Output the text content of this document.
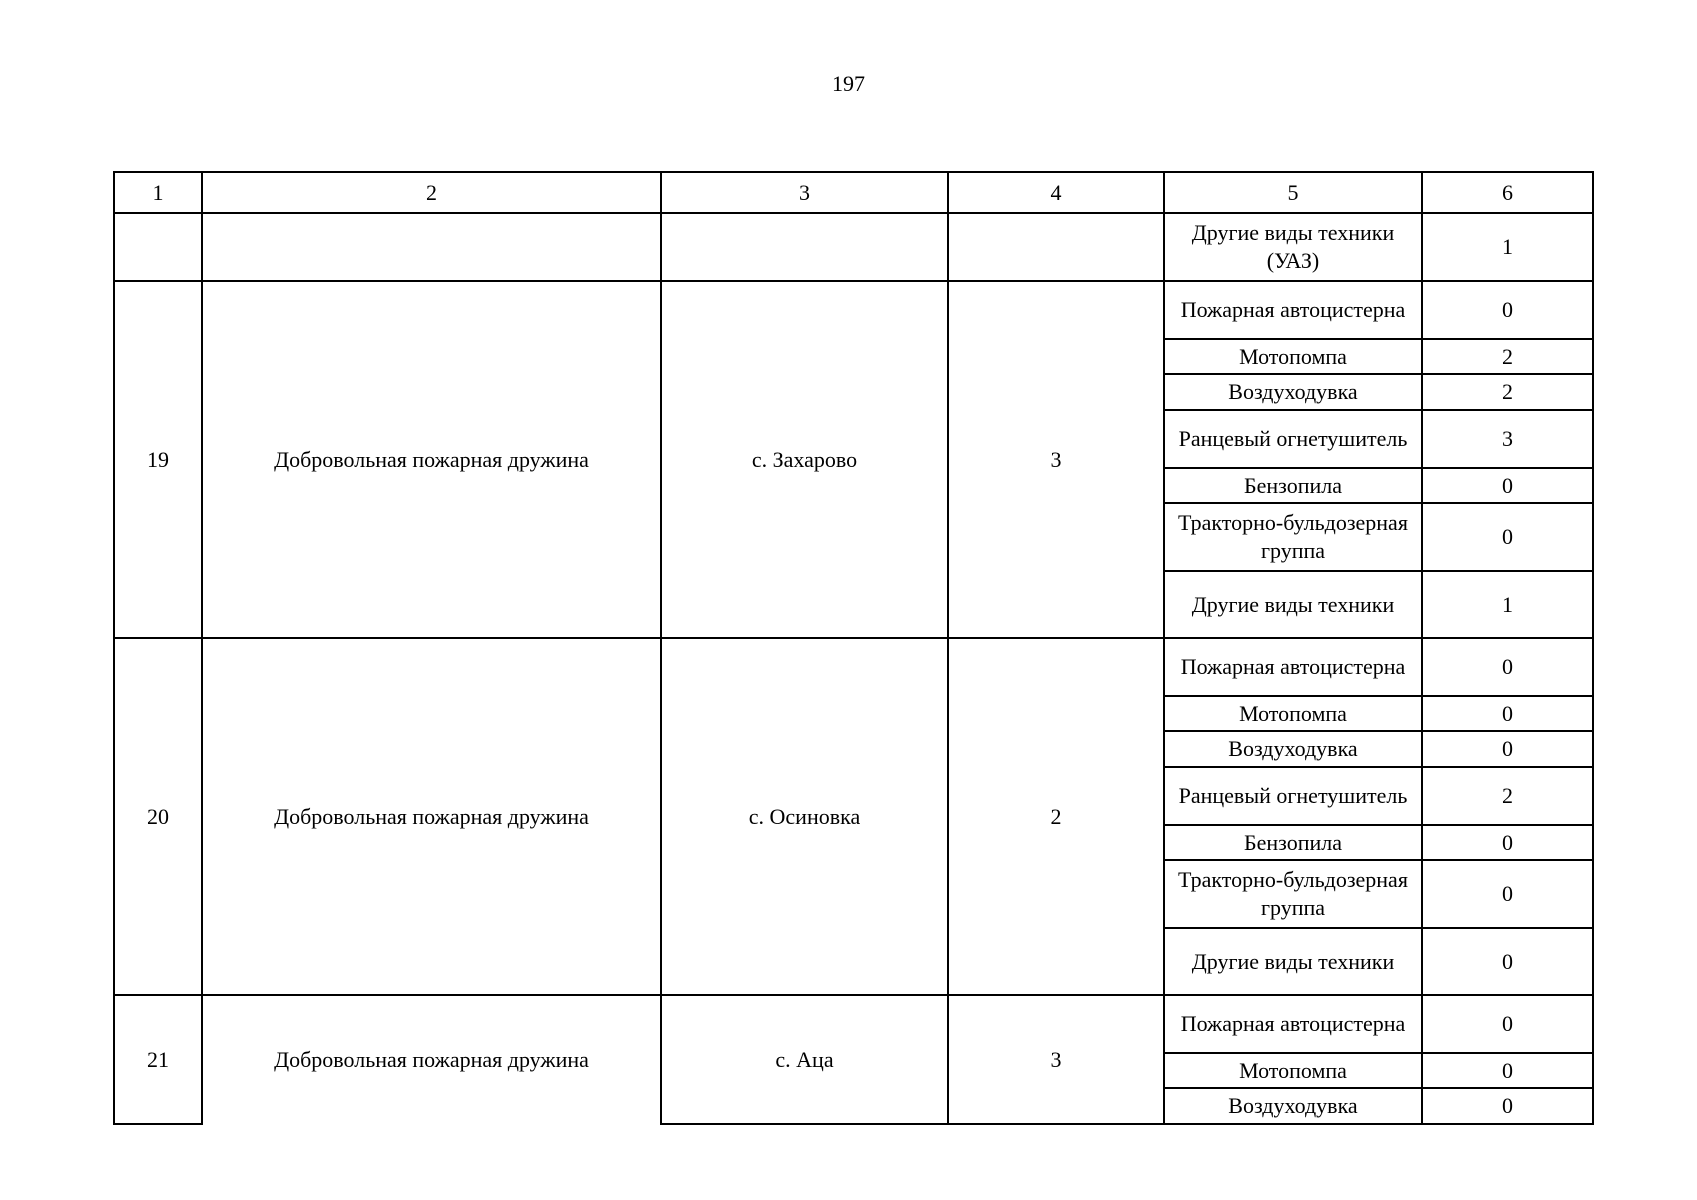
197
1	2	3	4	5	6
				Другие виды техники (УАЗ)	1
19	Добровольная пожарная дружина	с. Захарово	3	Пожарная автоцистерна	0
				Мотопомпа	2
				Воздуходувка	2
				Ранцевый огнетушитель	3
				Бензопила	0
				Тракторно-бульдозерная группа	0
				Другие виды техники	1
20	Добровольная пожарная дружина	с. Осиновка	2	Пожарная автоцистерна	0
				Мотопомпа	0
				Воздуходувка	0
				Ранцевый огнетушитель	2
				Бензопила	0
				Тракторно-бульдозерная группа	0
				Другие виды техники	0
21	Добровольная пожарная дружина	с. Аца	3	Пожарная автоцистерна	0
				Мотопомпа	0
				Воздуходувка	0
